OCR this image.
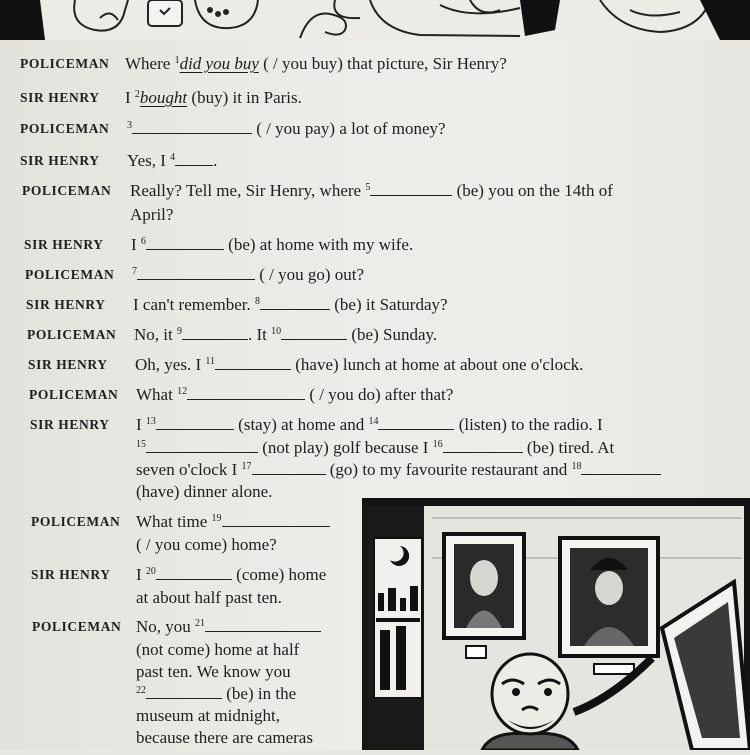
POLICEMAN Where $^1$did you buy ( / you buy) that picture, Sir Henry?
SIR HENRY I $^2$bought (buy) it in Paris.
POLICEMAN $^3$	( / you pay) a lot of money?
SIR HENRY Yes, I $^4$ .
POLICEMAN Really? Tell me, Sir Henry, where $^5$	(be) you on the 14th of
April?
SIR HENRY I $^6$	(be) at home with my wife.
POLICEMAN $^7$	( / you go) out?
SIR HENRY I can't remember. $^8$	(be) it Saturday?
POLICEMAN No, it $^9$	. It $^{10}$	(be) Sunday.
SIR HENRY Oh, yes. I $^{11}$	(have) lunch at home at about one o'clock.
POLICEMAN What $^{12}$	( / you do) after that?
SIR HENRY I $^{13}$	(stay) at home and $^{14}$	(listen) to the radio. I
$^{15}$	(not play) golf because I $^{16}$	(be) tired. At
seven o'clock I $^{17}$	(go) to my favourite restaurant and $^{18}$
(have) dinner alone.
POLICEMAN What time $^{19}$
( / you come) home?
SIR HENRY I $^{20}$	(come) home
at about half past ten.
POLICEMAN No, you $^{21}$
(not come) home at half
past ten. We know you
$^{22}$	(be) in the
museum at midnight,
because there are cameras
